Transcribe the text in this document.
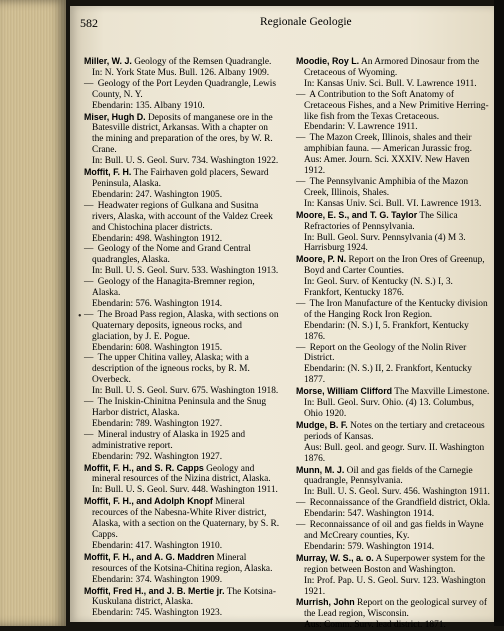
582	Regionale Geologie
•

Miller, W. J. Geology of the Remsen Quadrangle.

In: N. York State Mus. Bull. 126. Albany 1909.

— Geology of the Port Leyden Quadrangle, Lewis County, N. Y.

Ebendarin: 135. Albany 1910.

Miser, Hugh D. Deposits of manganese ore in the Batesville district, Arkansas. With a chapter on the mining and preparation of the ores, by W. R. Crane.

In: Bull. U. S. Geol. Surv. 734. Washington 1922.

Moffit, F. H. The Fairhaven gold placers, Seward Peninsula, Alaska.

Ebendarin: 247. Washington 1905.

— Headwater regions of Gulkana and Susitna rivers, Alaska, with account of the Valdez Creek and Chistochina placer districts.

Ebendarin: 498. Washington 1912.

— Geology of the Nome and Grand Central quadrangles, Alaska.

In: Bull. U. S. Geol. Surv. 533. Washington 1913.

— Geology of the Hanagita-Bremner region, Alaska.

Ebendarin: 576. Washington 1914.

— The Broad Pass region, Alaska, with sections on Quaternary deposits, igneous rocks, and glaciation, by J. E. Pogue.

Ebendarin: 608. Washington 1915.

— The upper Chitina valley, Alaska; with a description of the igneous rocks, by R. M. Overbeck.

In: Bull. U. S. Geol. Surv. 675. Washington 1918.

— The Iniskin-Chinitna Peninsula and the Snug Harbor district, Alaska.

Ebendarin: 789. Washington 1927.

— Mineral industry of Alaska in 1925 and administrative report.

Ebendarin: 792. Washington 1927.

Moffit, F. H., and S. R. Capps Geology and mineral resources of the Nizina district, Alaska.

In: Bull. U. S. Geol. Surv. 448. Washington 1911.

Moffit, F. H., and Adolph Knopf Mineral recources of the Nabesna-White River district, Alaska, with a section on the Quaternary, by S. R. Capps.

Ebendarin: 417. Washington 1910.

Moffit, F. H., and A. G. Maddren Mineral resources of the Kotsina-Chitina region, Alaska.

Ebendarin: 374. Washington 1909.

Moffit, Fred H., and J. B. Mertie jr. The Kotsina-Kuskulana district, Alaska.

Ebendarin: 745. Washington 1923.

Moodie, Roy L. An Armored Dinosaur from the Cretaceous of Wyoming.

In: Kansas Univ. Sci. Bull. V. Lawrence 1911.

— A Contribution to the Soft Anatomy of Cretaceous Fishes, and a New Primitive Herring-like fish from the Texas Cretaceous.

Ebendarin: V. Lawrence 1911.

— The Mazon Creek, Illinois, shales and their amphibian fauna. — American Jurassic frog.

Aus: Amer. Journ. Sci. XXXIV. New Haven 1912.

— The Pennsylvanic Amphibia of the Mazon Creek, Illinois, Shales.

In: Kansas Univ. Sci. Bull. VI. Lawrence 1913.

Moore, E. S., and T. G. Taylor The Silica Refractories of Pennsylvania.

In: Bull. Geol. Surv. Pennsylvania (4) M 3. Harrisburg 1924.

Moore, P. N. Report on the Iron Ores of Greenup, Boyd and Carter Counties.

In: Geol. Surv. of Kentucky (N. S.) I, 3. Frankfort, Kentucky 1876.

— The Iron Manufacture of the Kentucky division of the Hanging Rock Iron Region.

Ebendarin: (N. S.) I, 5. Frankfort, Kentucky 1876.

— Report on the Geology of the Nolin River District.

Ebendarin: (N. S.) II, 2. Frankfort, Kentucky 1877.

Morse, William Clifford The Maxville Limestone.

In: Bull. Geol. Surv. Ohio. (4) 13. Columbus, Ohio 1920.

Mudge, B. F. Notes on the tertiary and cretaceous periods of Kansas.

Aus: Bull. geol. and geogr. Surv. II. Washington 1876.

Munn, M. J. Oil and gas fields of the Carnegie quadrangle, Pennsylvania.

In: Bull. U. S. Geol. Surv. 456. Washington 1911.

— Reconnaissance of the Grandfield district, Okla.

Ebendarin: 547. Washington 1914.

— Reconnaissance of oil and gas fields in Wayne and McCreary counties, Ky.

Ebendarin: 579. Washington 1914.

Murray, W. S., a. o. A Superpower system for the region between Boston and Washington.

In: Prof. Pap. U. S. Geol. Surv. 123. Washington 1921.

Murrish, John Report on the geological survey of the Lead region, Wisconsin.

Aus: Comm. Surv. lead district. 1871.
